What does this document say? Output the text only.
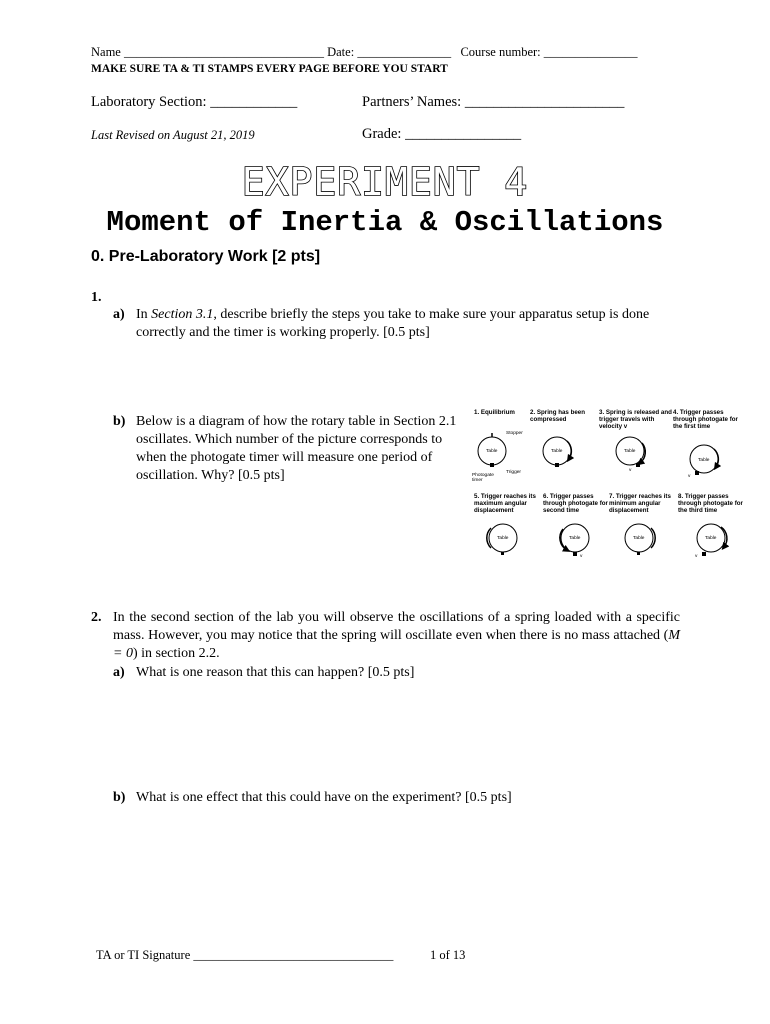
Name ________________________________ Date: _______________ Course number: _______________
MAKE SURE TA & TI STAMPS EVERY PAGE BEFORE YOU START
Laboratory Section: ____________	Partners’ Names: ______________________
Last Revised on August 21, 2019	Grade: ________________
EXPERIMENT 4
Moment of Inertia & Oscillations
0. Pre-Laboratory Work [2 pts]
1.
a) In Section 3.1, describe briefly the steps you take to make sure your apparatus setup is done correctly and the timer is working properly. [0.5 pts]
b) Below is a diagram of how the rotary table in Section 2.1 oscillates. Which number of the picture corresponds to when the photogate timer will measure one period of oscillation. Why? [0.5 pts]
1. Equilibrium 2. Spring has been compressed
3. Spring is released and trigger travels with velocity v
4. Trigger passes through photogate for the first time
Table
Stopper
Trigger
Photogate timer
Table	Table
v
Table
v
5. Trigger reaches its maximum angular displacement
6. Trigger passes through photogate for second time
7. Trigger reaches its minimum angular displacement
8. Trigger passes through photogate for the third time
Table	Table
v
Table	Table
v
2. In the second section of the lab you will observe the oscillations of a spring loaded with a specific mass. However, you may notice that the spring will oscillate even when there is no mass attached (M = 0) in section 2.2.
a) What is one reason that this can happen? [0.5 pts]
b) What is one effect that this could have on the experiment? [0.5 pts]
TA or TI Signature ________________________________	1 of 13
